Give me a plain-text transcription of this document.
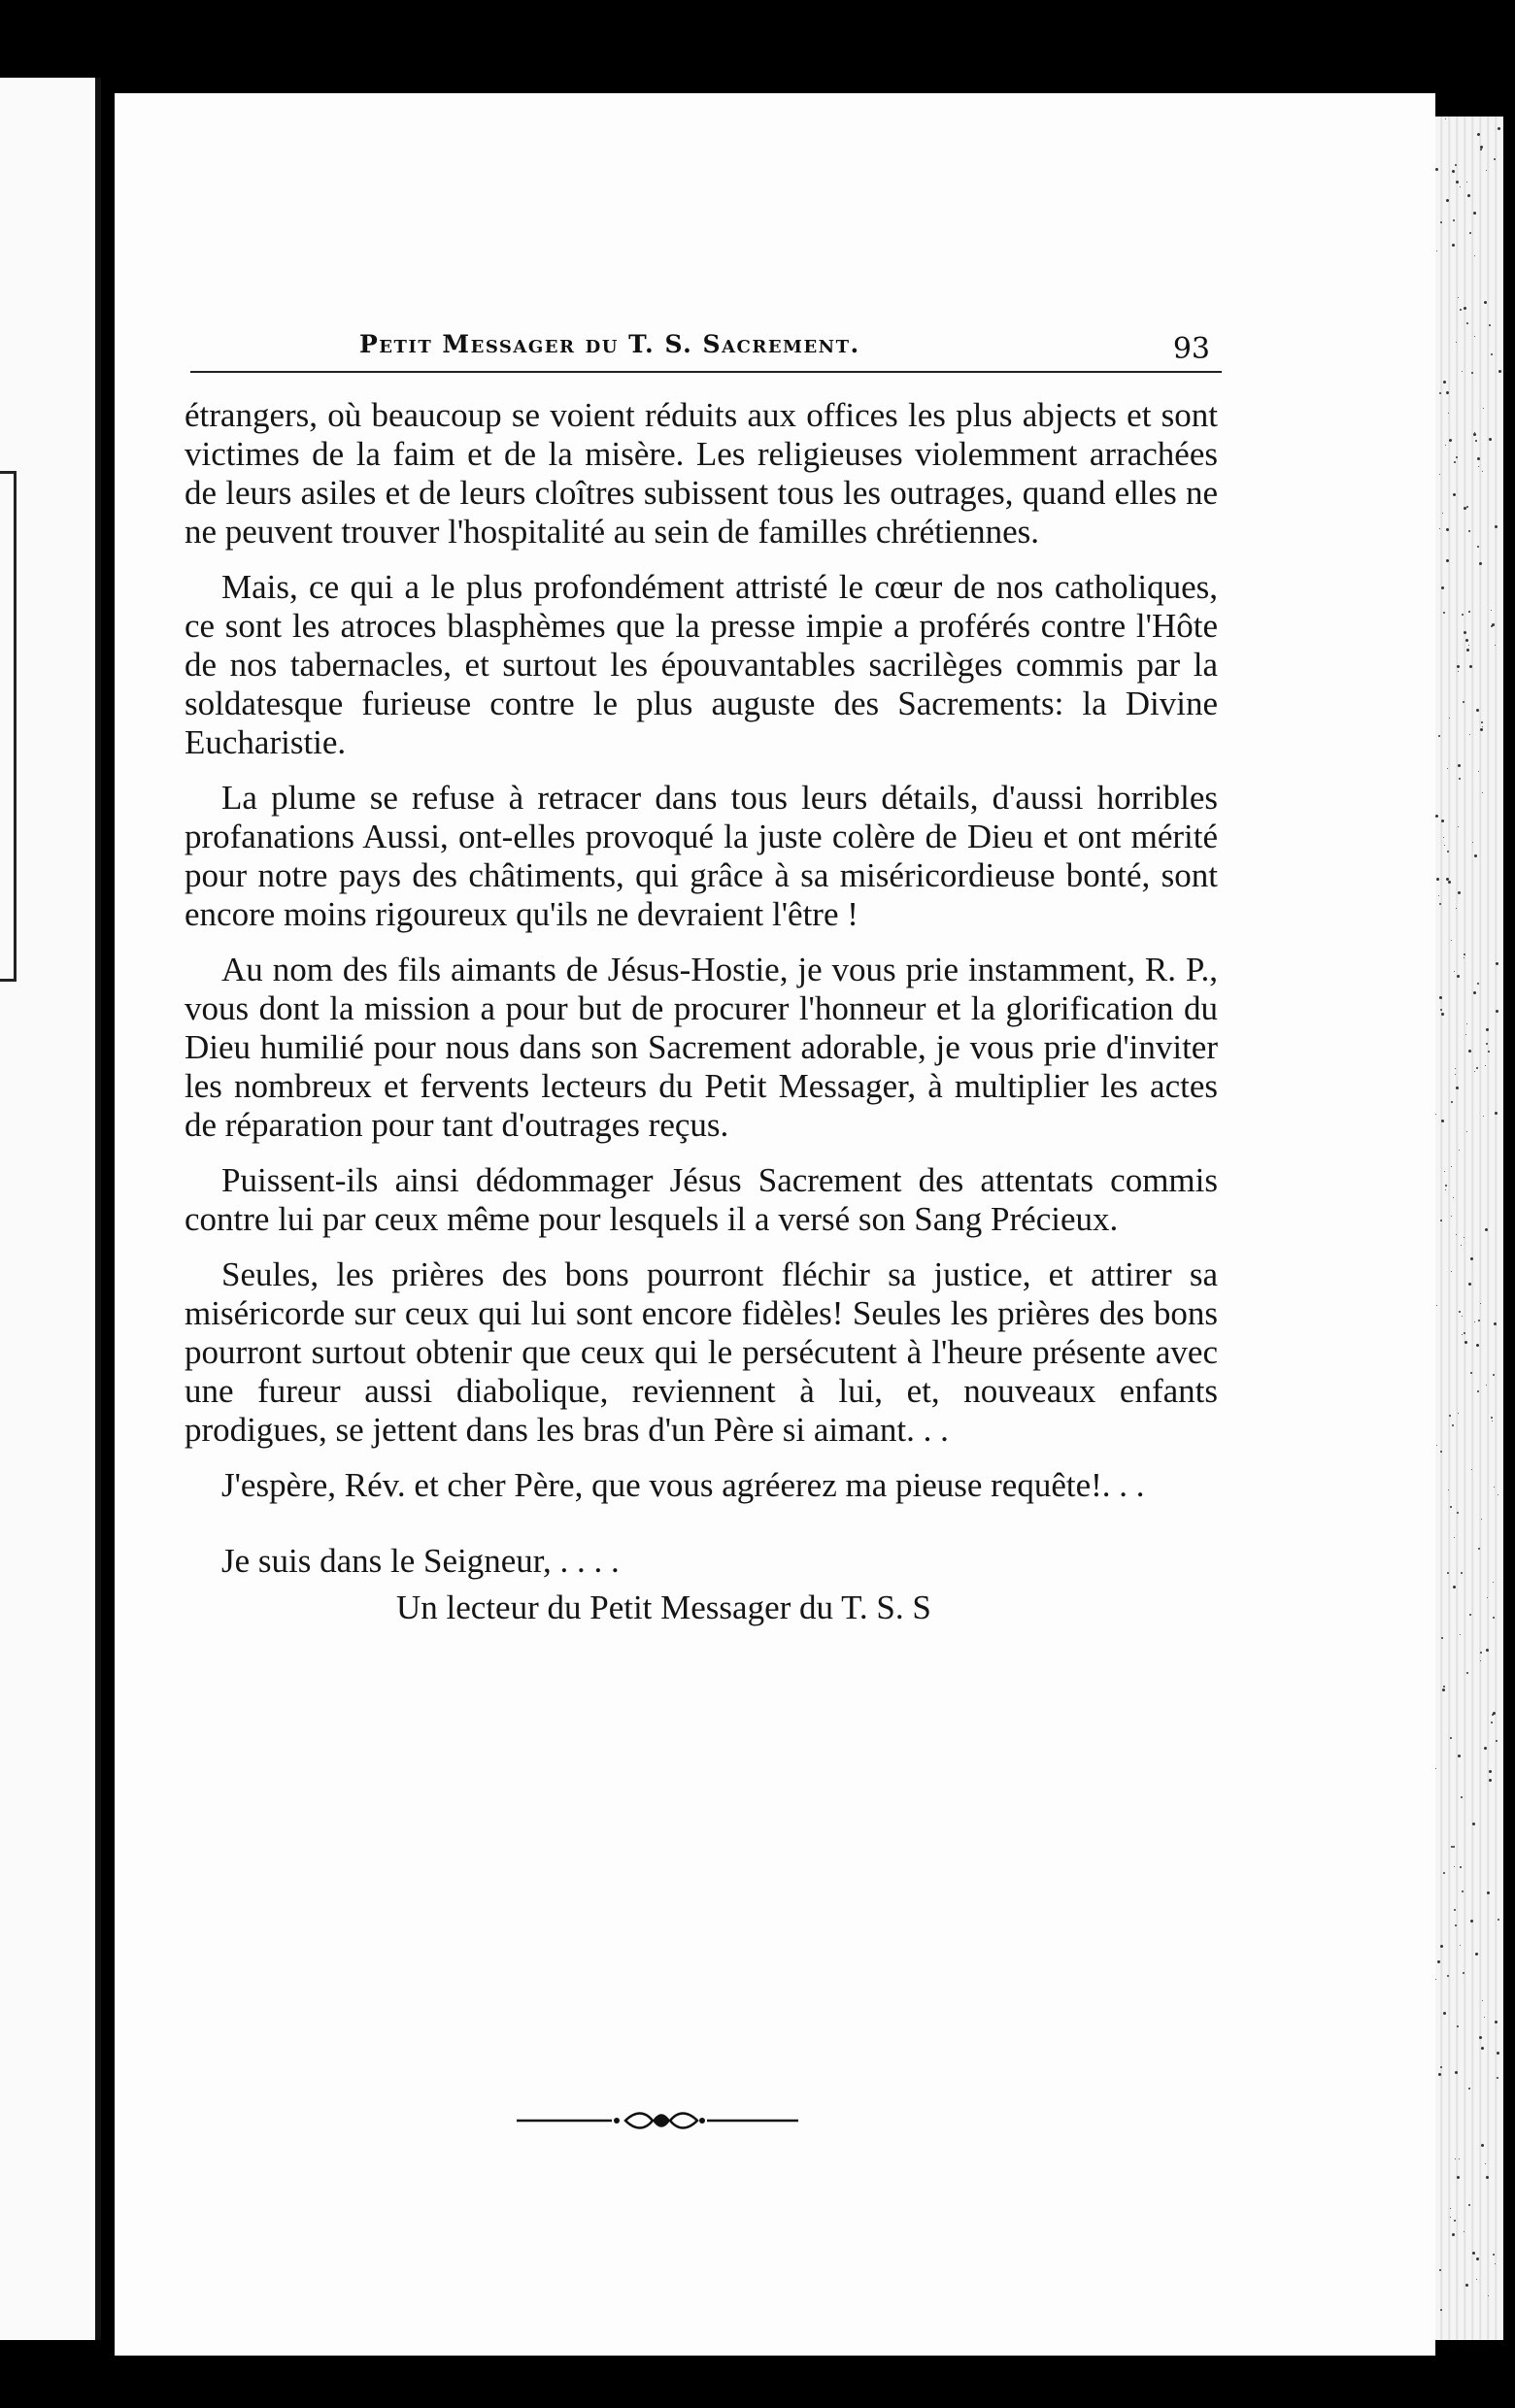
Petit Messager du T. S. Sacrement.	93

étrangers, où beaucoup se voient réduits aux offices les plus abjects et sont victimes de la faim et de la misère. Les religieuses violemment arrachées de leurs asiles et de leurs cloîtres subissent tous les outrages, quand elles ne ne peuvent trouver l'hospitalité au sein de familles chrétiennes.

Mais, ce qui a le plus profondément attristé le cœur de nos catholiques, ce sont les atroces blasphèmes que la presse impie a proférés contre l'Hôte de nos tabernacles, et surtout les épouvantables sacrilèges commis par la soldatesque furieuse contre le plus auguste des Sacrements: la Divine Eucharistie.

La plume se refuse à retracer dans tous leurs détails, d'aussi horribles profanations Aussi, ont-elles provoqué la juste colère de Dieu et ont mérité pour notre pays des châtiments, qui grâce à sa miséricordieuse bonté, sont encore moins rigoureux qu'ils ne devraient l'être !

Au nom des fils aimants de Jésus-Hostie, je vous prie instamment, R. P., vous dont la mission a pour but de procurer l'honneur et la glorification du Dieu humilié pour nous dans son Sacrement adorable, je vous prie d'inviter les nombreux et fervents lecteurs du Petit Messager, à multiplier les actes de réparation pour tant d'outrages reçus.

Puissent-ils ainsi dédommager Jésus Sacrement des attentats commis contre lui par ceux même pour lesquels il a versé son Sang Précieux.

Seules, les prières des bons pourront fléchir sa justice, et attirer sa miséricorde sur ceux qui lui sont encore fidèles! Seules les prières des bons pourront surtout obtenir que ceux qui le persécutent à l'heure présente avec une fureur aussi diabolique, reviennent à lui, et, nouveaux enfants prodigues, se jettent dans les bras d'un Père si aimant. . .

J'espère, Rév. et cher Père, que vous agréerez ma pieuse requête!. . .

Je suis dans le Seigneur, . . . .

Un lecteur du Petit Messager du T. S. S
